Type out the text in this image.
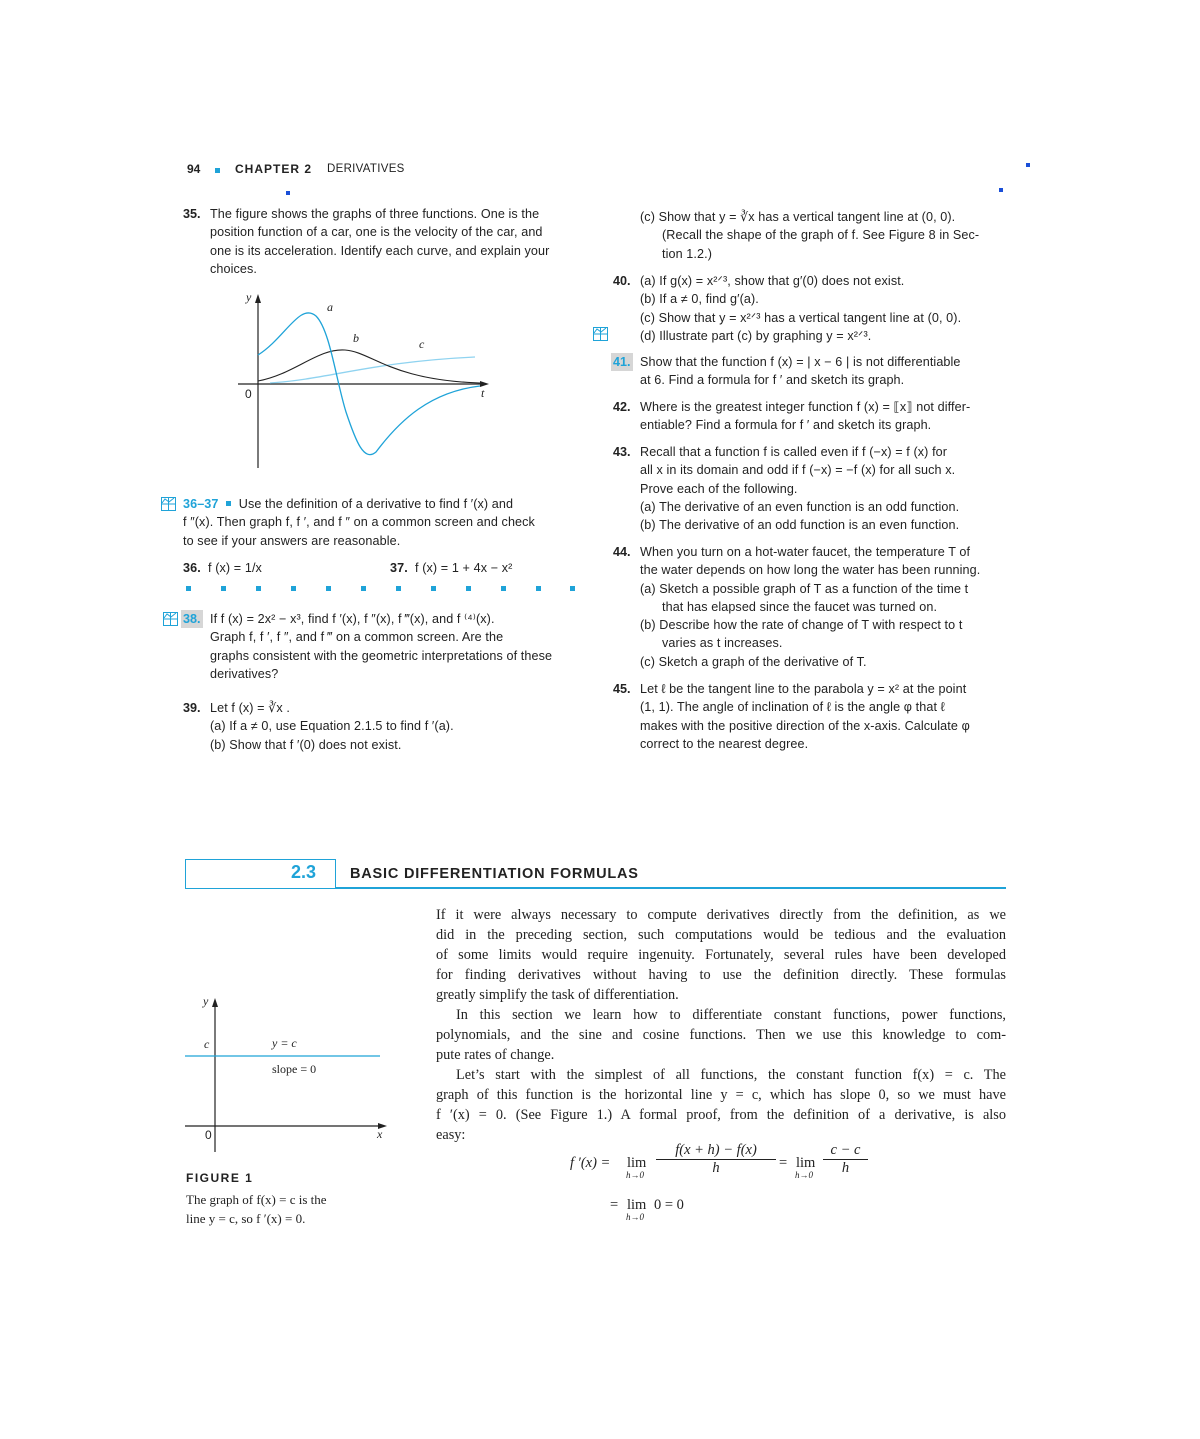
94	CHAPTER 2 DERIVATIVES
35. The figure shows the graphs of three functions. One is the
position function of a car, one is the velocity of the car, and
one is its acceleration. Identify each curve, and explain your
choices.
y
t
0
a
b	c
36–37 Use the definition of a derivative to find f ′(x) and
f ″(x). Then graph f, f ′, and f ″ on a common screen and check
to see if your answers are reasonable.
36. f (x) = 1/x	37. f (x) = 1 + 4x − x²
38. If f (x) = 2x² − x³, find f ′(x), f ″(x), f ‴(x), and f ⁽⁴⁾(x).
Graph f, f ′, f ″, and f ‴ on a common screen. Are the
graphs consistent with the geometric interpretations of these
derivatives?
39. Let f (x) = ∛x .
(a) If a ≠ 0, use Equation 2.1.5 to find f ′(a).
(b) Show that f ′(0) does not exist.
(c) Show that y = ∛x has a vertical tangent line at (0, 0).
(Recall the shape of the graph of f. See Figure 8 in Sec-
tion 1.2.)
40. (a) If g(x) = x²ᐟ³, show that g′(0) does not exist.
(b) If a ≠ 0, find g′(a).
(c) Show that y = x²ᐟ³ has a vertical tangent line at (0, 0).
(d) Illustrate part (c) by graphing y = x²ᐟ³.
41. Show that the function f (x) = | x − 6 | is not differentiable
at 6. Find a formula for f ′ and sketch its graph.
42. Where is the greatest integer function f (x) = ⟦x⟧ not differ-
entiable? Find a formula for f ′ and sketch its graph.
43. Recall that a function f is called even if f (−x) = f (x) for
all x in its domain and odd if f (−x) = −f (x) for all such x.
Prove each of the following.
(a) The derivative of an even function is an odd function.
(b) The derivative of an odd function is an even function.
44. When you turn on a hot-water faucet, the temperature T of
the water depends on how long the water has been running.
(a) Sketch a possible graph of T as a function of the time t
that has elapsed since the faucet was turned on.
(b) Describe how the rate of change of T with respect to t
varies as t increases.
(c) Sketch a graph of the derivative of T.
45. Let ℓ be the tangent line to the parabola y = x² at the point
(1, 1). The angle of inclination of ℓ is the angle φ that ℓ
makes with the positive direction of the x-axis. Calculate φ
correct to the nearest degree.
2.3 BASIC DIFFERENTIATION FORMULAS
If it were always necessary to compute derivatives directly from the definition, as we
did in the preceding section, such computations would be tedious and the evaluation
of some limits would require ingenuity. Fortunately, several rules have been developed
for finding derivatives without having to use the definition directly. These formulas
greatly simplify the task of differentiation.
In this section we learn how to differentiate constant functions, power functions,
polynomials, and the sine and cosine functions. Then we use this knowledge to com-
pute rates of change.
Let’s start with the simplest of all functions, the constant function f(x) = c. The
graph of this function is the horizontal line y = c, which has slope 0, so we must have
f ′(x) = 0. (See Figure 1.) A formal proof, from the definition of a derivative, is also
easy:
f ′(x) = lim
$h\to 0 \frac{f(x + h) - f(x)}{h} = \lim$
$h\to 0 \frac{c - c}{h}$
= lim
h→0
0 = 0
y
x
0
c	y = c
slope = 0
FIGURE 1
The graph of f(x) = c is the
line y = c, so f ′(x) = 0.
